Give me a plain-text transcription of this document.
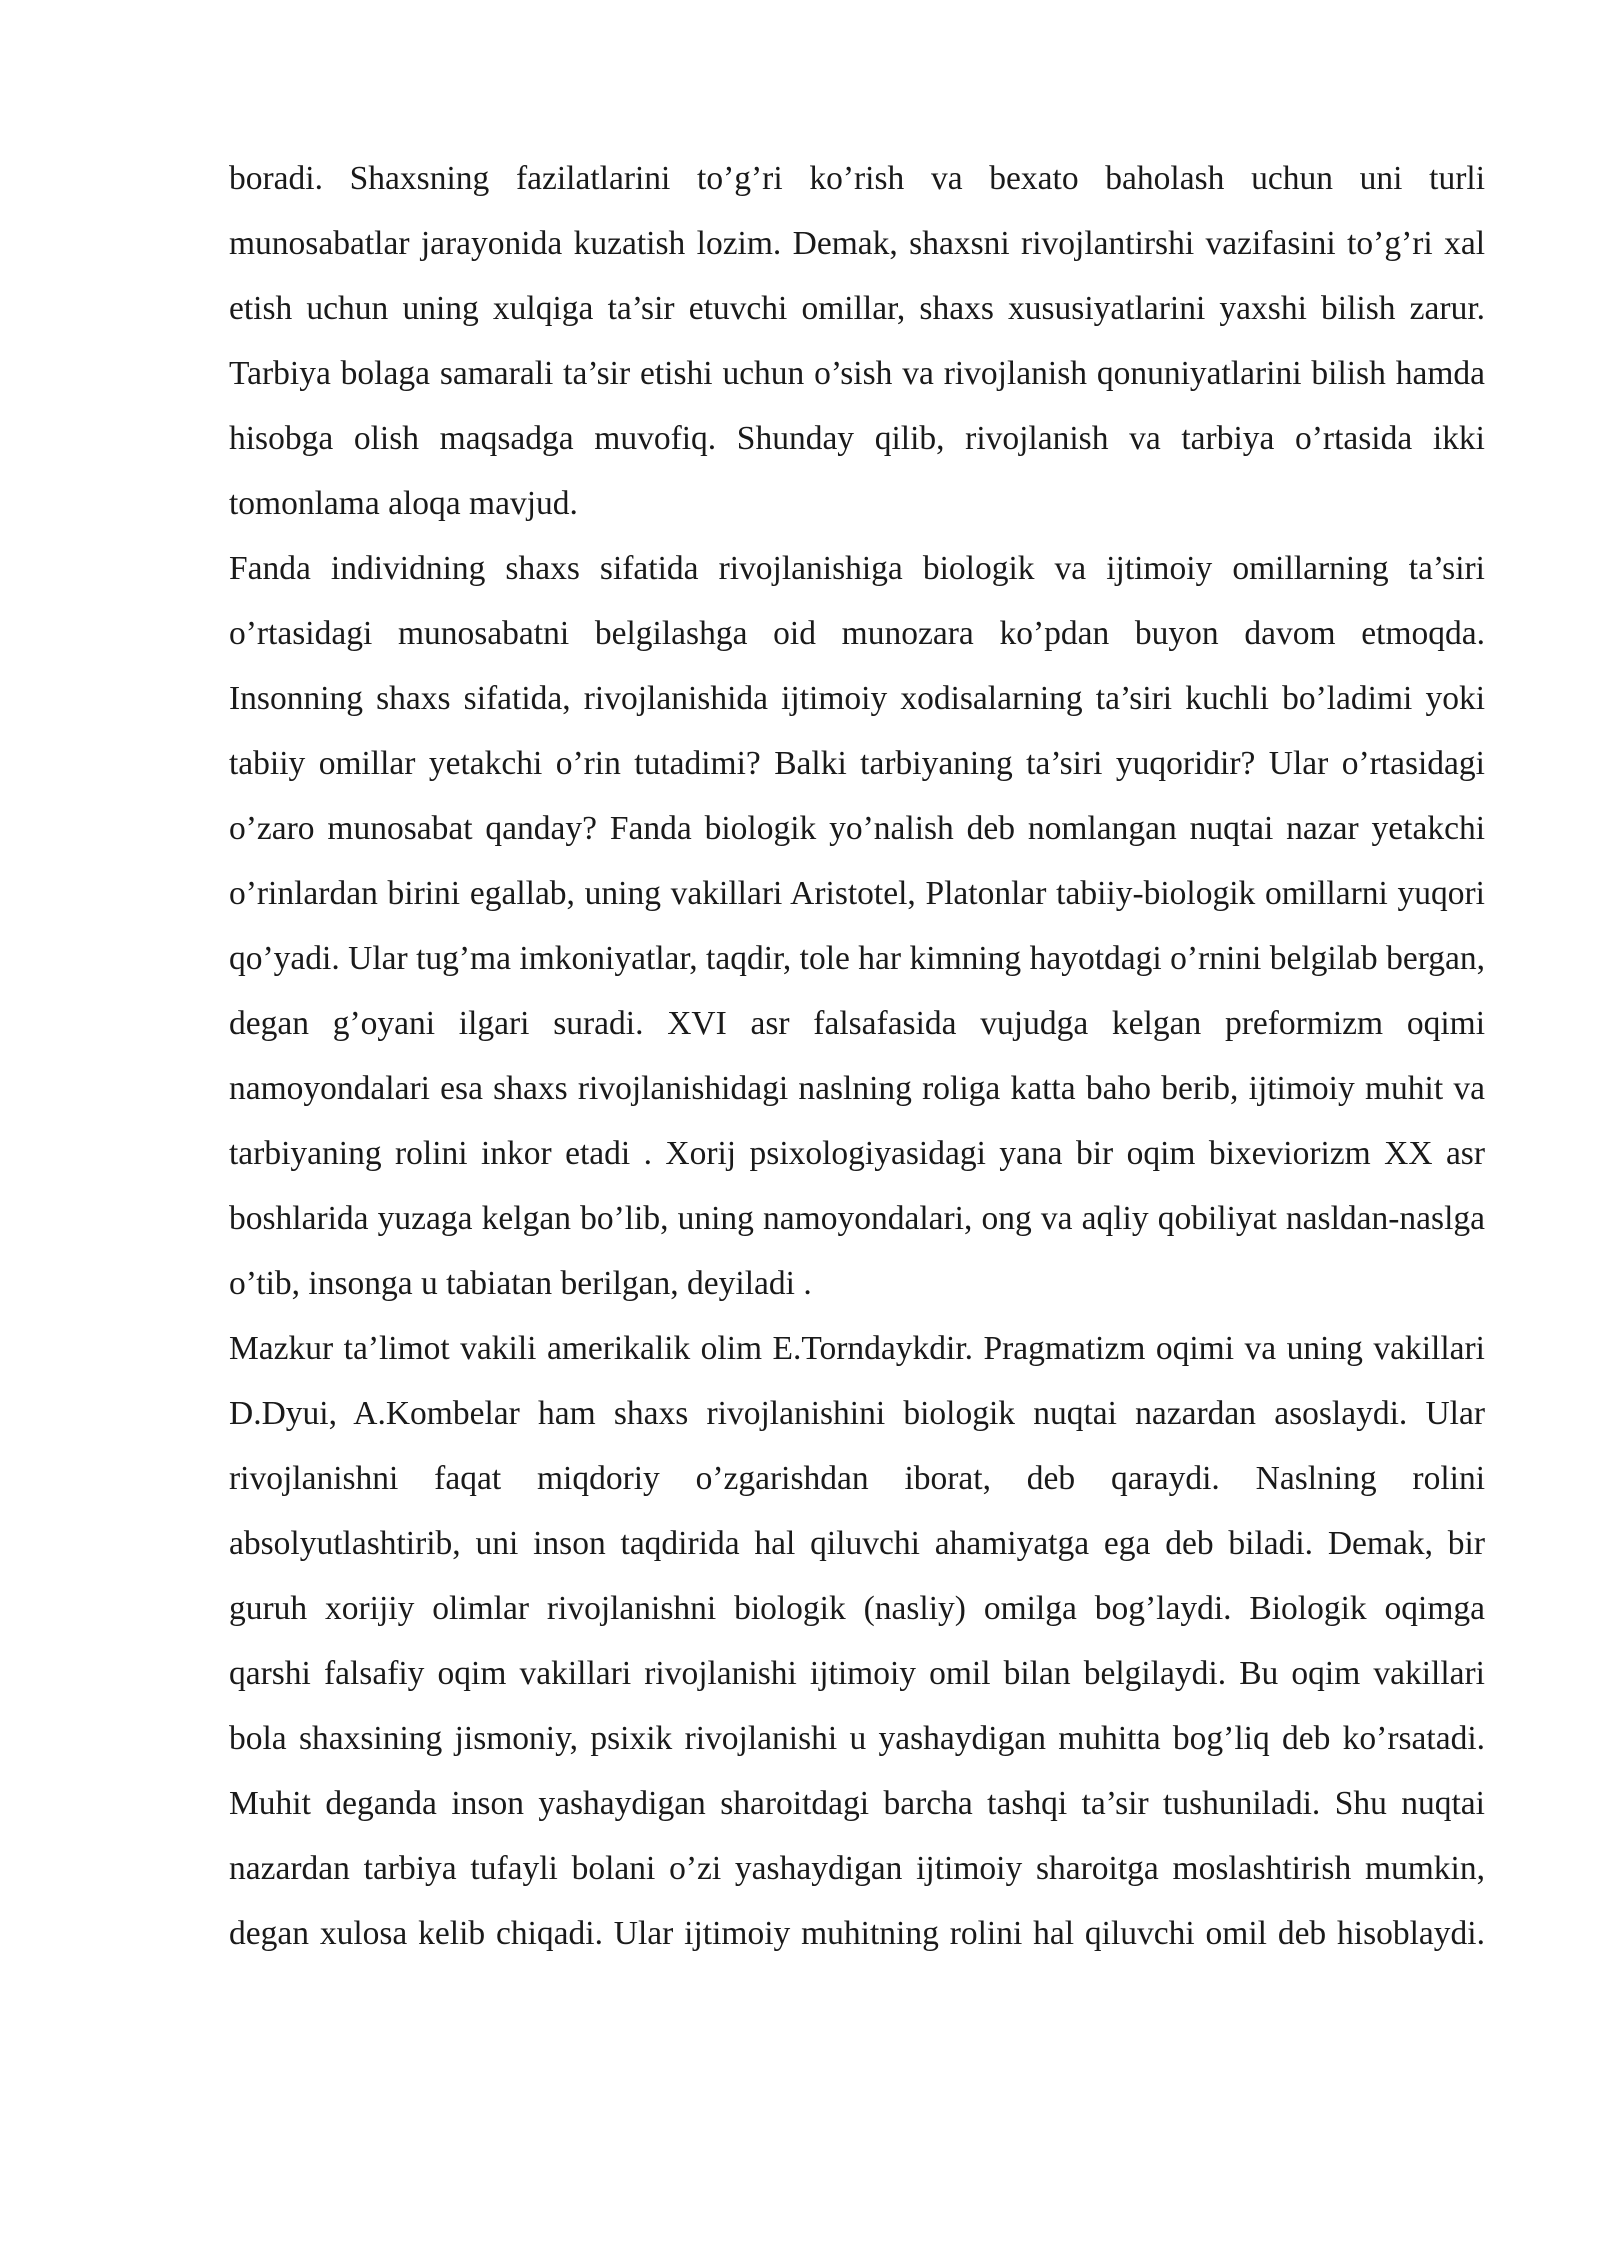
boradi. Shaxsning fazilatlarini to’g’ri ko’rish va bexato baholash uchun uni turli munosabatlar jarayonida kuzatish lozim. Demak, shaxsni rivojlantirshi vazifasini to’g’ri xal etish uchun uning xulqiga ta’sir etuvchi omillar, shaxs xususiyatlarini yaxshi bilish zarur. Tarbiya bolaga samarali ta’sir etishi uchun o’sish va rivojlanish qonuniyatlarini bilish hamda hisobga olish maqsadga muvofiq. Shunday qilib, rivojlanish va tarbiya o’rtasida ikki tomonlama aloqa mavjud.

Fanda individning shaxs sifatida rivojlanishiga biologik va ijtimoiy omillarning ta’siri o’rtasidagi munosabatni belgilashga oid munozara ko’pdan buyon davom etmoqda. Insonning shaxs sifatida, rivojlanishida ijtimoiy xodisalarning ta’siri kuchli bo’ladimi yoki tabiiy omillar yetakchi o’rin tutadimi? Balki tarbiyaning ta’siri yuqoridir? Ular o’rtasidagi o’zaro munosabat qanday? Fanda biologik yo’nalish deb nomlangan nuqtai nazar yetakchi o’rinlardan birini egallab, uning vakillari Aristotel, Platonlar tabiiy-biologik omillarni yuqori qo’yadi. Ular tug’ma imkoniyatlar, taqdir, tole har kimning hayotdagi o’rnini belgilab bergan, degan g’oyani ilgari suradi. XVI asr falsafasida vujudga kelgan preformizm oqimi namoyondalari esa shaxs rivojlanishidagi naslning roliga katta baho berib, ijtimoiy muhit va tarbiyaning rolini inkor etadi . Xorij psixologiyasidagi yana bir oqim bixeviorizm XX asr boshlarida yuzaga kelgan bo’lib, uning namoyondalari, ong va aqliy qobiliyat nasldan-naslga o’tib, insonga u tabiatan berilgan, deyiladi .

Mazkur ta’limot vakili amerikalik olim E.Torndaykdir. Pragmatizm oqimi va uning vakillari D.Dyui, A.Kombelar ham shaxs rivojlanishini biologik nuqtai nazardan asoslaydi. Ular rivojlanishni faqat miqdoriy o’zgarishdan iborat, deb qaraydi. Naslning rolini absolyutlashtirib, uni inson taqdirida hal qiluvchi ahamiyatga ega deb biladi. Demak, bir guruh xorijiy olimlar rivojlanishni biologik (nasliy) omilga bog’laydi. Biologik oqimga qarshi falsafiy oqim vakillari rivojlanishi ijtimoiy omil bilan belgilaydi. Bu oqim vakillari bola shaxsining jismoniy, psixik rivojlanishi u yashaydigan muhitta bog’liq deb ko’rsatadi. Muhit deganda inson yashaydigan sharoitdagi barcha tashqi ta’sir tushuniladi. Shu nuqtai nazardan tarbiya tufayli bolani o’zi yashaydigan ijtimoiy sharoitga moslashtirish mumkin, degan xulosa kelib chiqadi. Ular ijtimoiy muhitning rolini hal qiluvchi omil deb hisoblaydi.
